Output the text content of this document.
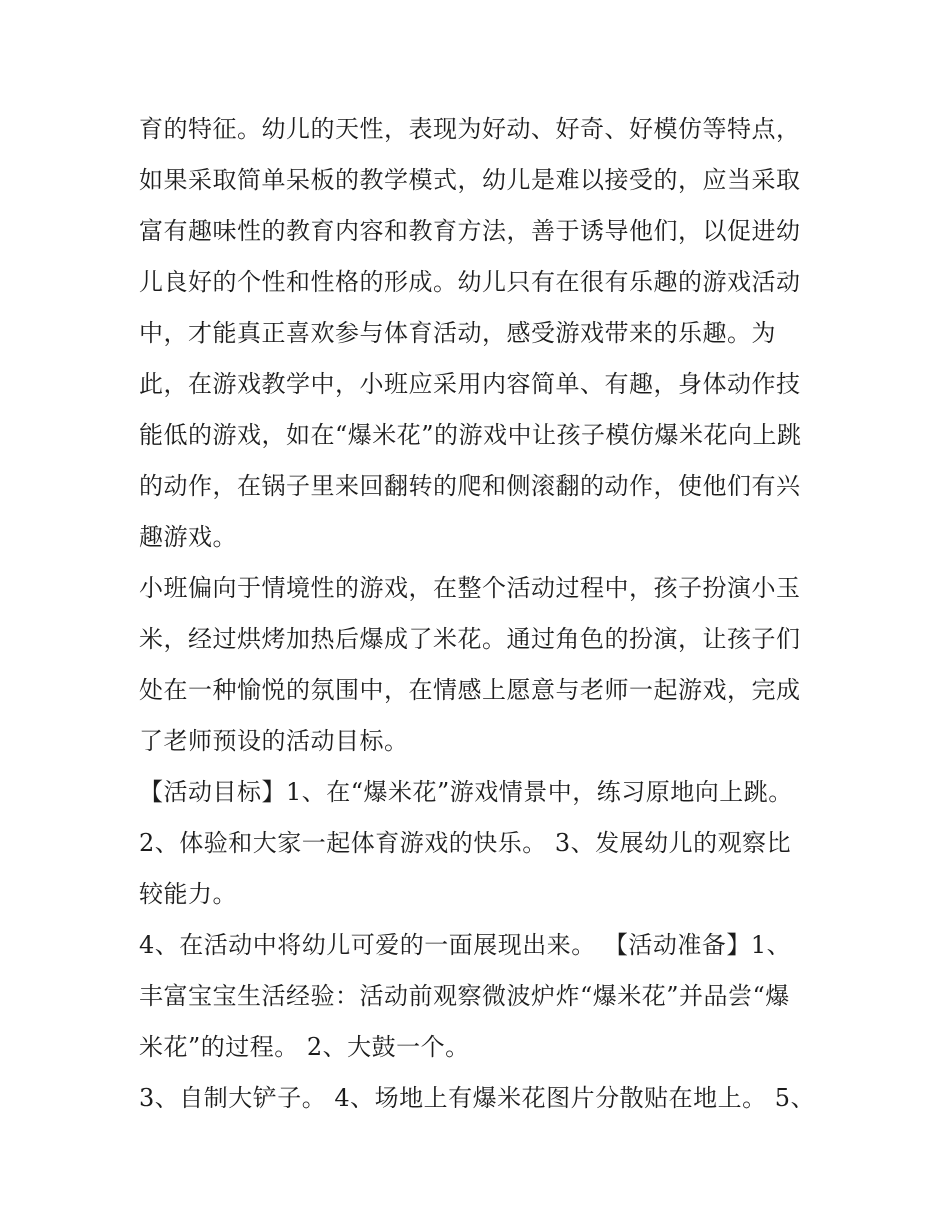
育的特征。幼儿的天性，表现为好动、好奇、好模仿等特点，
如果采取简单呆板的教学模式，幼儿是难以接受的，应当采取
富有趣味性的教育内容和教育方法，善于诱导他们，以促进幼
儿良好的个性和性格的形成。幼儿只有在很有乐趣的游戏活动
中，才能真正喜欢参与体育活动，感受游戏带来的乐趣。为
此，在游戏教学中，小班应采用内容简单、有趣，身体动作技
能低的游戏，如在“爆米花”的游戏中让孩子模仿爆米花向上跳
的动作，在锅子里来回翻转的爬和侧滚翻的动作，使他们有兴
趣游戏。
小班偏向于情境性的游戏，在整个活动过程中，孩子扮演小玉
米，经过烘烤加热后爆成了米花。通过角色的扮演，让孩子们
处在一种愉悦的氛围中，在情感上愿意与老师一起游戏，完成
了老师预设的活动目标。
【活动目标】1、在“爆米花”游戏情景中，练习原地向上跳。
2、体验和大家一起体育游戏的快乐。 3、发展幼儿的观察比
较能力。
4、在活动中将幼儿可爱的一面展现出来。 【活动准备】1、
丰富宝宝生活经验：活动前观察微波炉炸“爆米花”并品尝“爆
米花”的过程。 2、大鼓一个。
3、自制大铲子。 4、场地上有爆米花图片分散贴在地上。 5、
